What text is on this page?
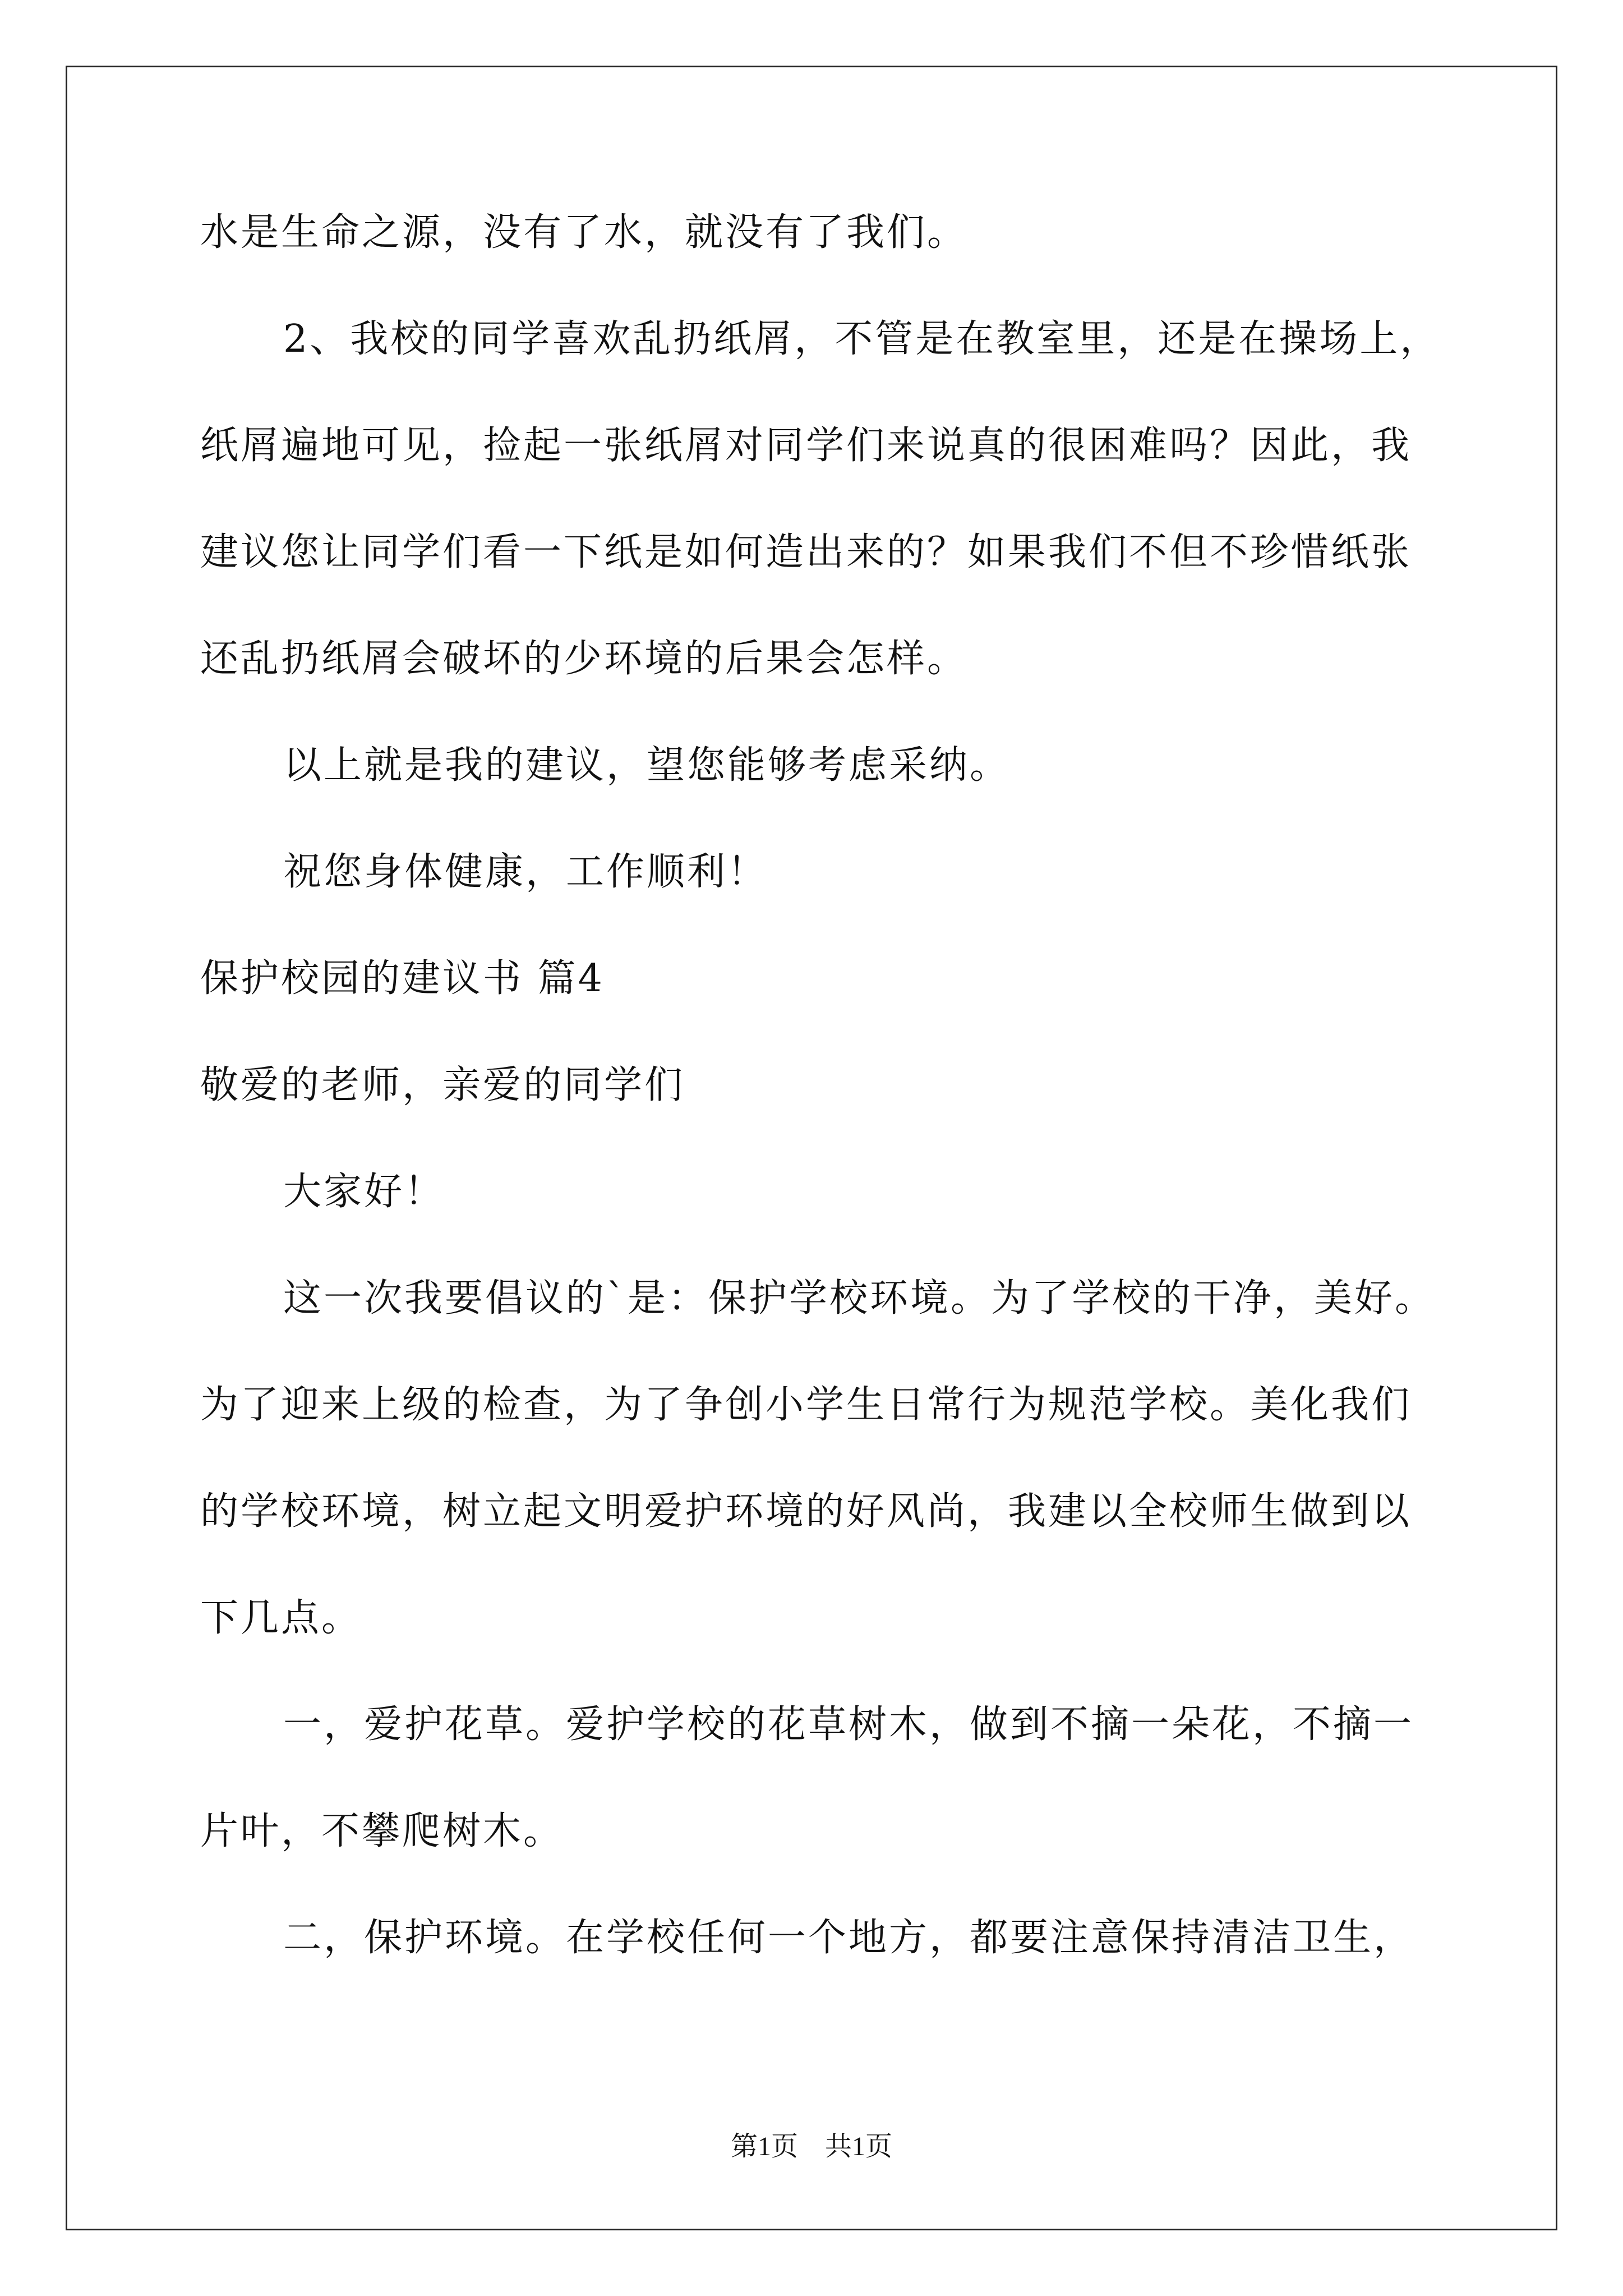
水是生命之源，没有了水，就没有了我们。
2、我校的同学喜欢乱扔纸屑，不管是在教室里，还是在操场上，
纸屑遍地可见，捡起一张纸屑对同学们来说真的很困难吗？因此，我
建议您让同学们看一下纸是如何造出来的？如果我们不但不珍惜纸张
还乱扔纸屑会破坏的少环境的后果会怎样。
以上就是我的建议，望您能够考虑采纳。
祝您身体健康，工作顺利！
保护校园的建议书 篇4
敬爱的老师，亲爱的同学们
大家好！
这一次我要倡议的`是：保护学校环境。为了学校的干净，美好。
为了迎来上级的检查，为了争创小学生日常行为规范学校。美化我们
的学校环境，树立起文明爱护环境的好风尚，我建以全校师生做到以
下几点。
一，爱护花草。爱护学校的花草树木，做到不摘一朵花，不摘一
片叶，不攀爬树木。
二，保护环境。在学校任何一个地方，都要注意保持清洁卫生，
第1页　共1页
